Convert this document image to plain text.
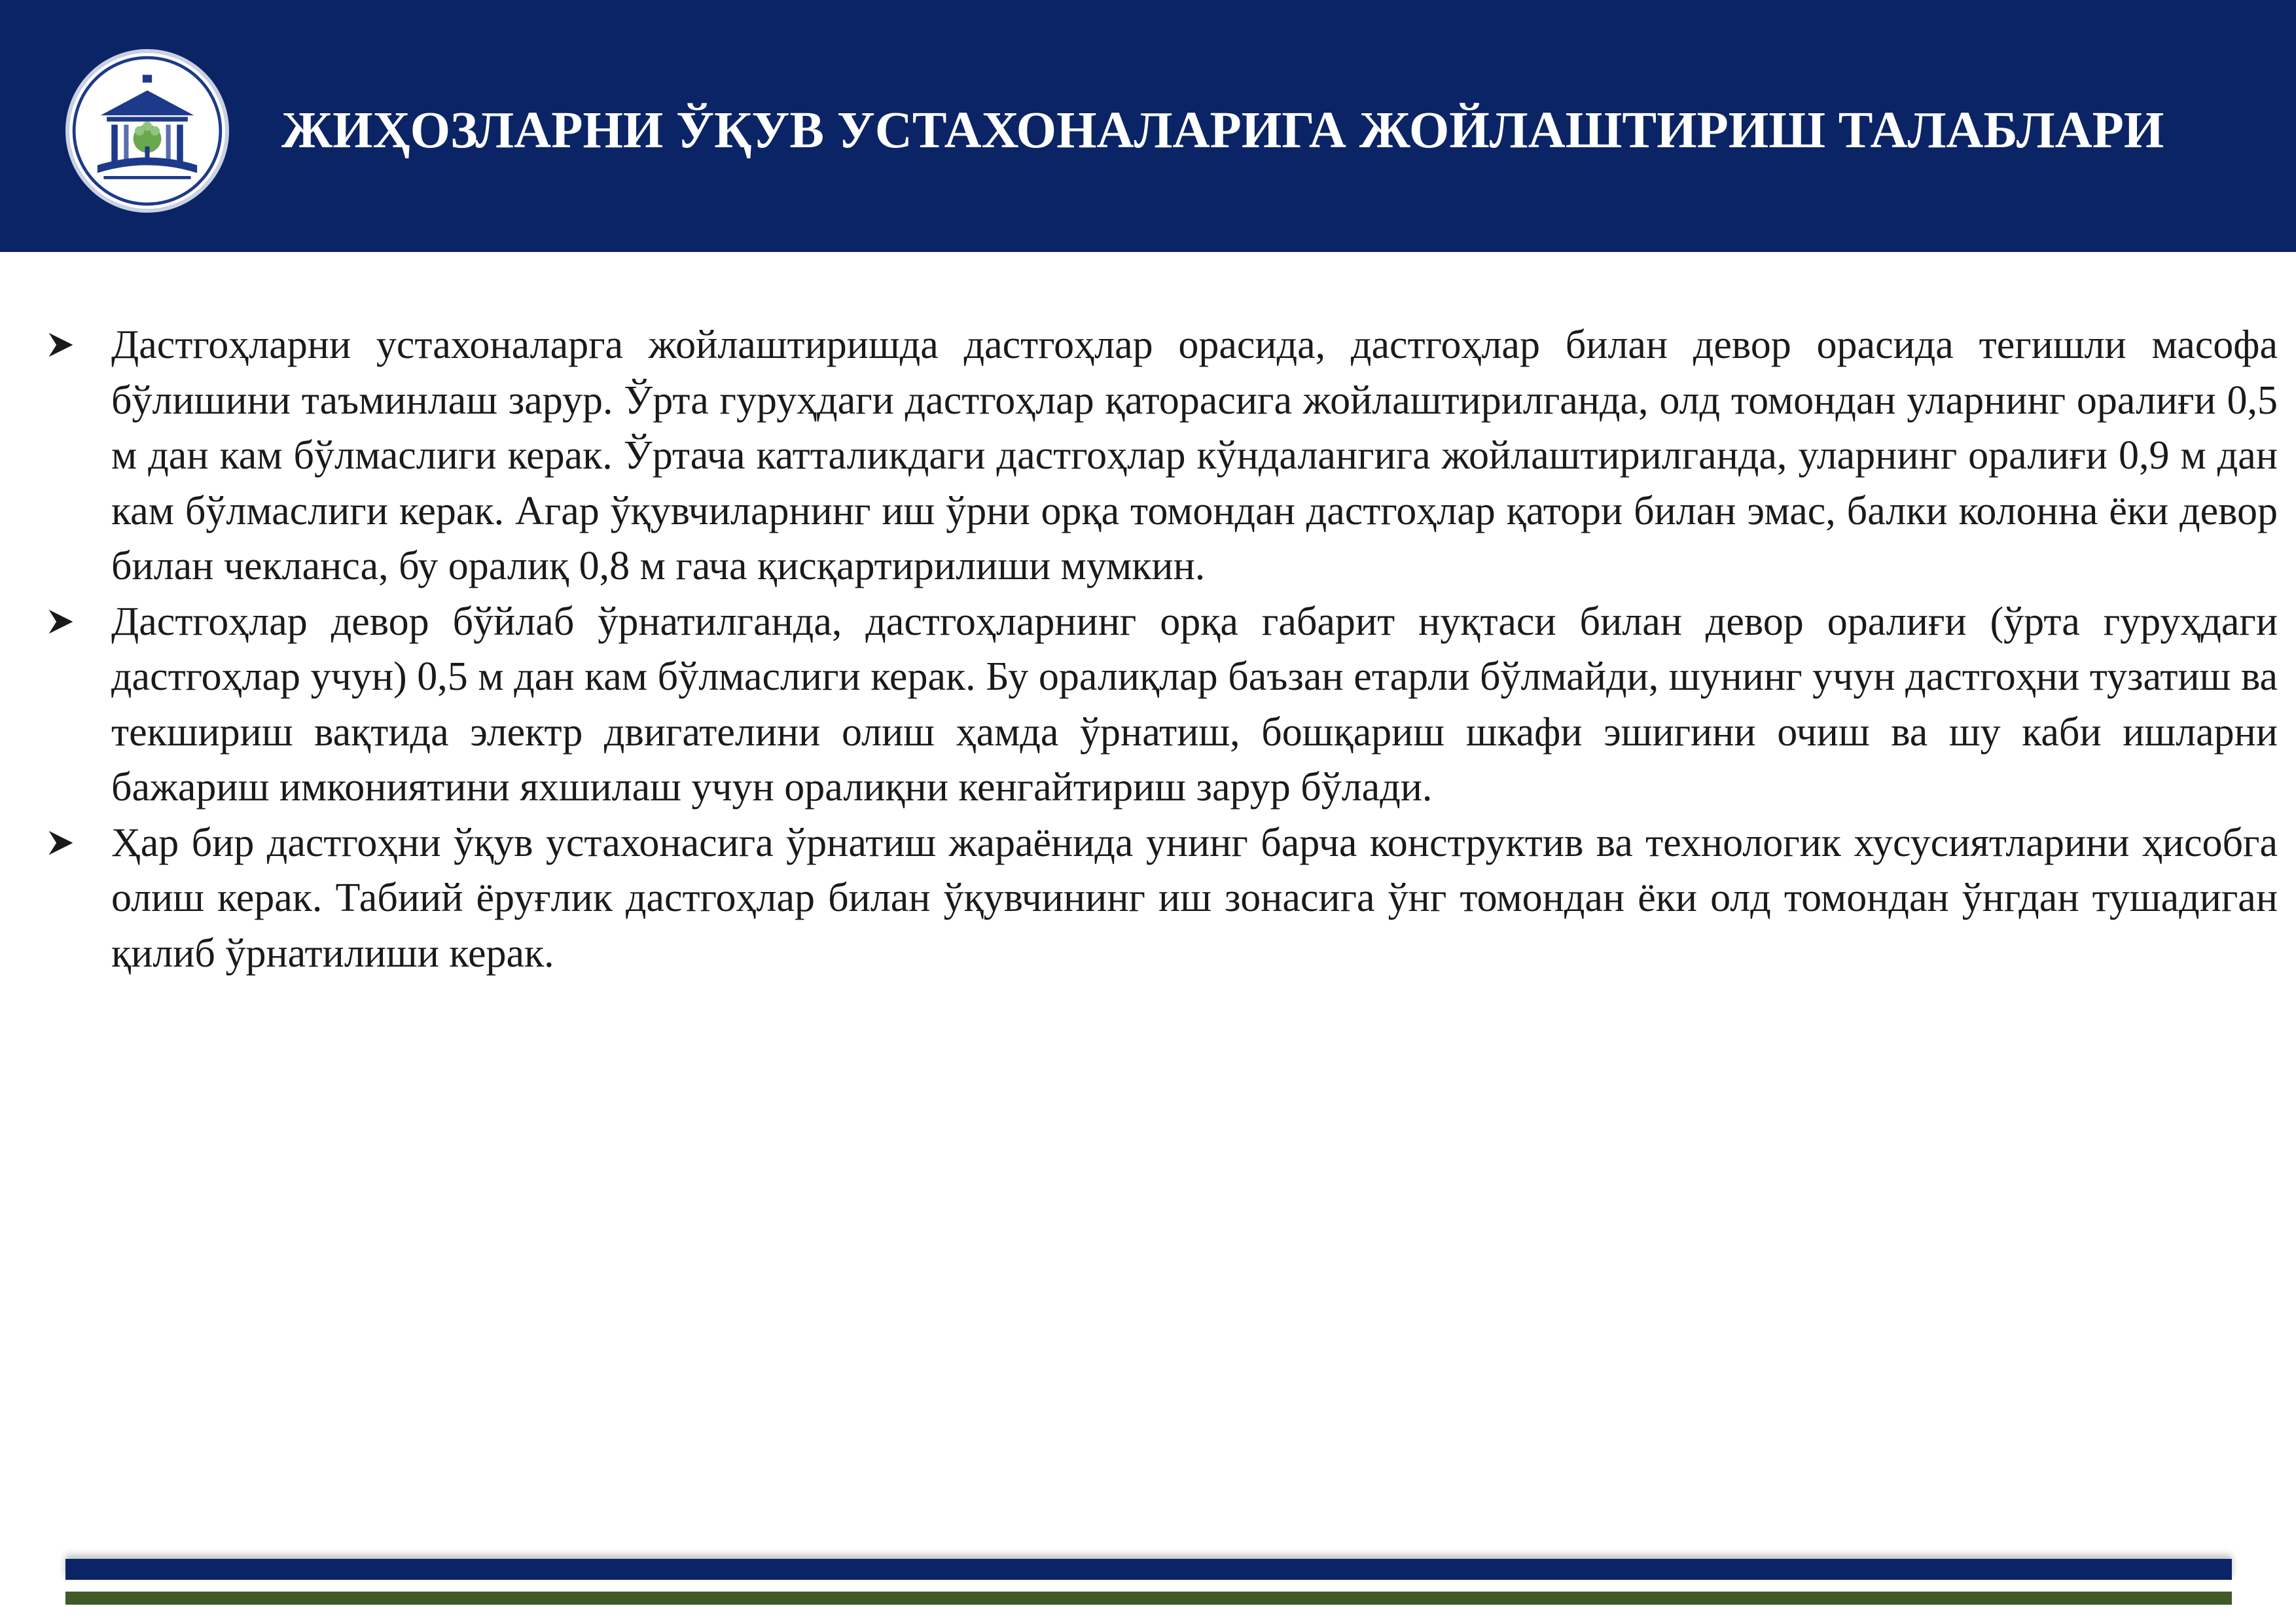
ЖИҲОЗЛАРНИ ЎҚУВ УСТАХОНАЛАРИГА ЖОЙЛАШТИРИШ ТАЛАБЛАРИ

Дастгоҳларни устахоналарга жойлаштиришда дастгоҳлар орасида, дастгоҳлар билан девор орасида тегишли масофа бўлишини таъминлаш зарур. Ўрта гуруҳдаги дастгоҳлар қаторасига жойлаштирилганда, олд томондан уларнинг оралиғи 0,5 м дан кам бўлмаслиги керак. Ўртача катталикдаги дастгоҳлар кўндалангига жойлаштирилганда, уларнинг оралиғи 0,9 м дан кам бўлмаслиги керак. Агар ўқувчиларнинг иш ўрни орқа томондан дастгоҳлар қатори билан эмас, балки колонна ёки девор билан чекланса, бу оралиқ 0,8 м гача қисқартирилиши мумкин.

Дастгоҳлар девор бўйлаб ўрнатилганда, дастгоҳларнинг орқа габарит нуқтаси билан девор оралиғи (ўрта гуруҳдаги дастгоҳлар учун) 0,5 м дан кам бўлмаслиги керак. Бу оралиқлар баъзан етарли бўлмайди, шунинг учун дастгоҳни тузатиш ва текшириш вақтида электр двигателини олиш ҳамда ўрнатиш, бошқариш шкафи эшигини очиш ва шу каби ишларни бажариш имкониятини яхшилаш учун оралиқни кенгайтириш зарур бўлади.

Ҳар бир дастгоҳни ўқув устахонасига ўрнатиш жараёнида унинг барча конструктив ва технологик хусусиятларини ҳисобга олиш керак. Табиий ёруғлик дастгоҳлар билан ўқувчининг иш зонасига ўнг томондан ёки олд томондан ўнгдан тушадиган қилиб ўрнатилиши керак.
